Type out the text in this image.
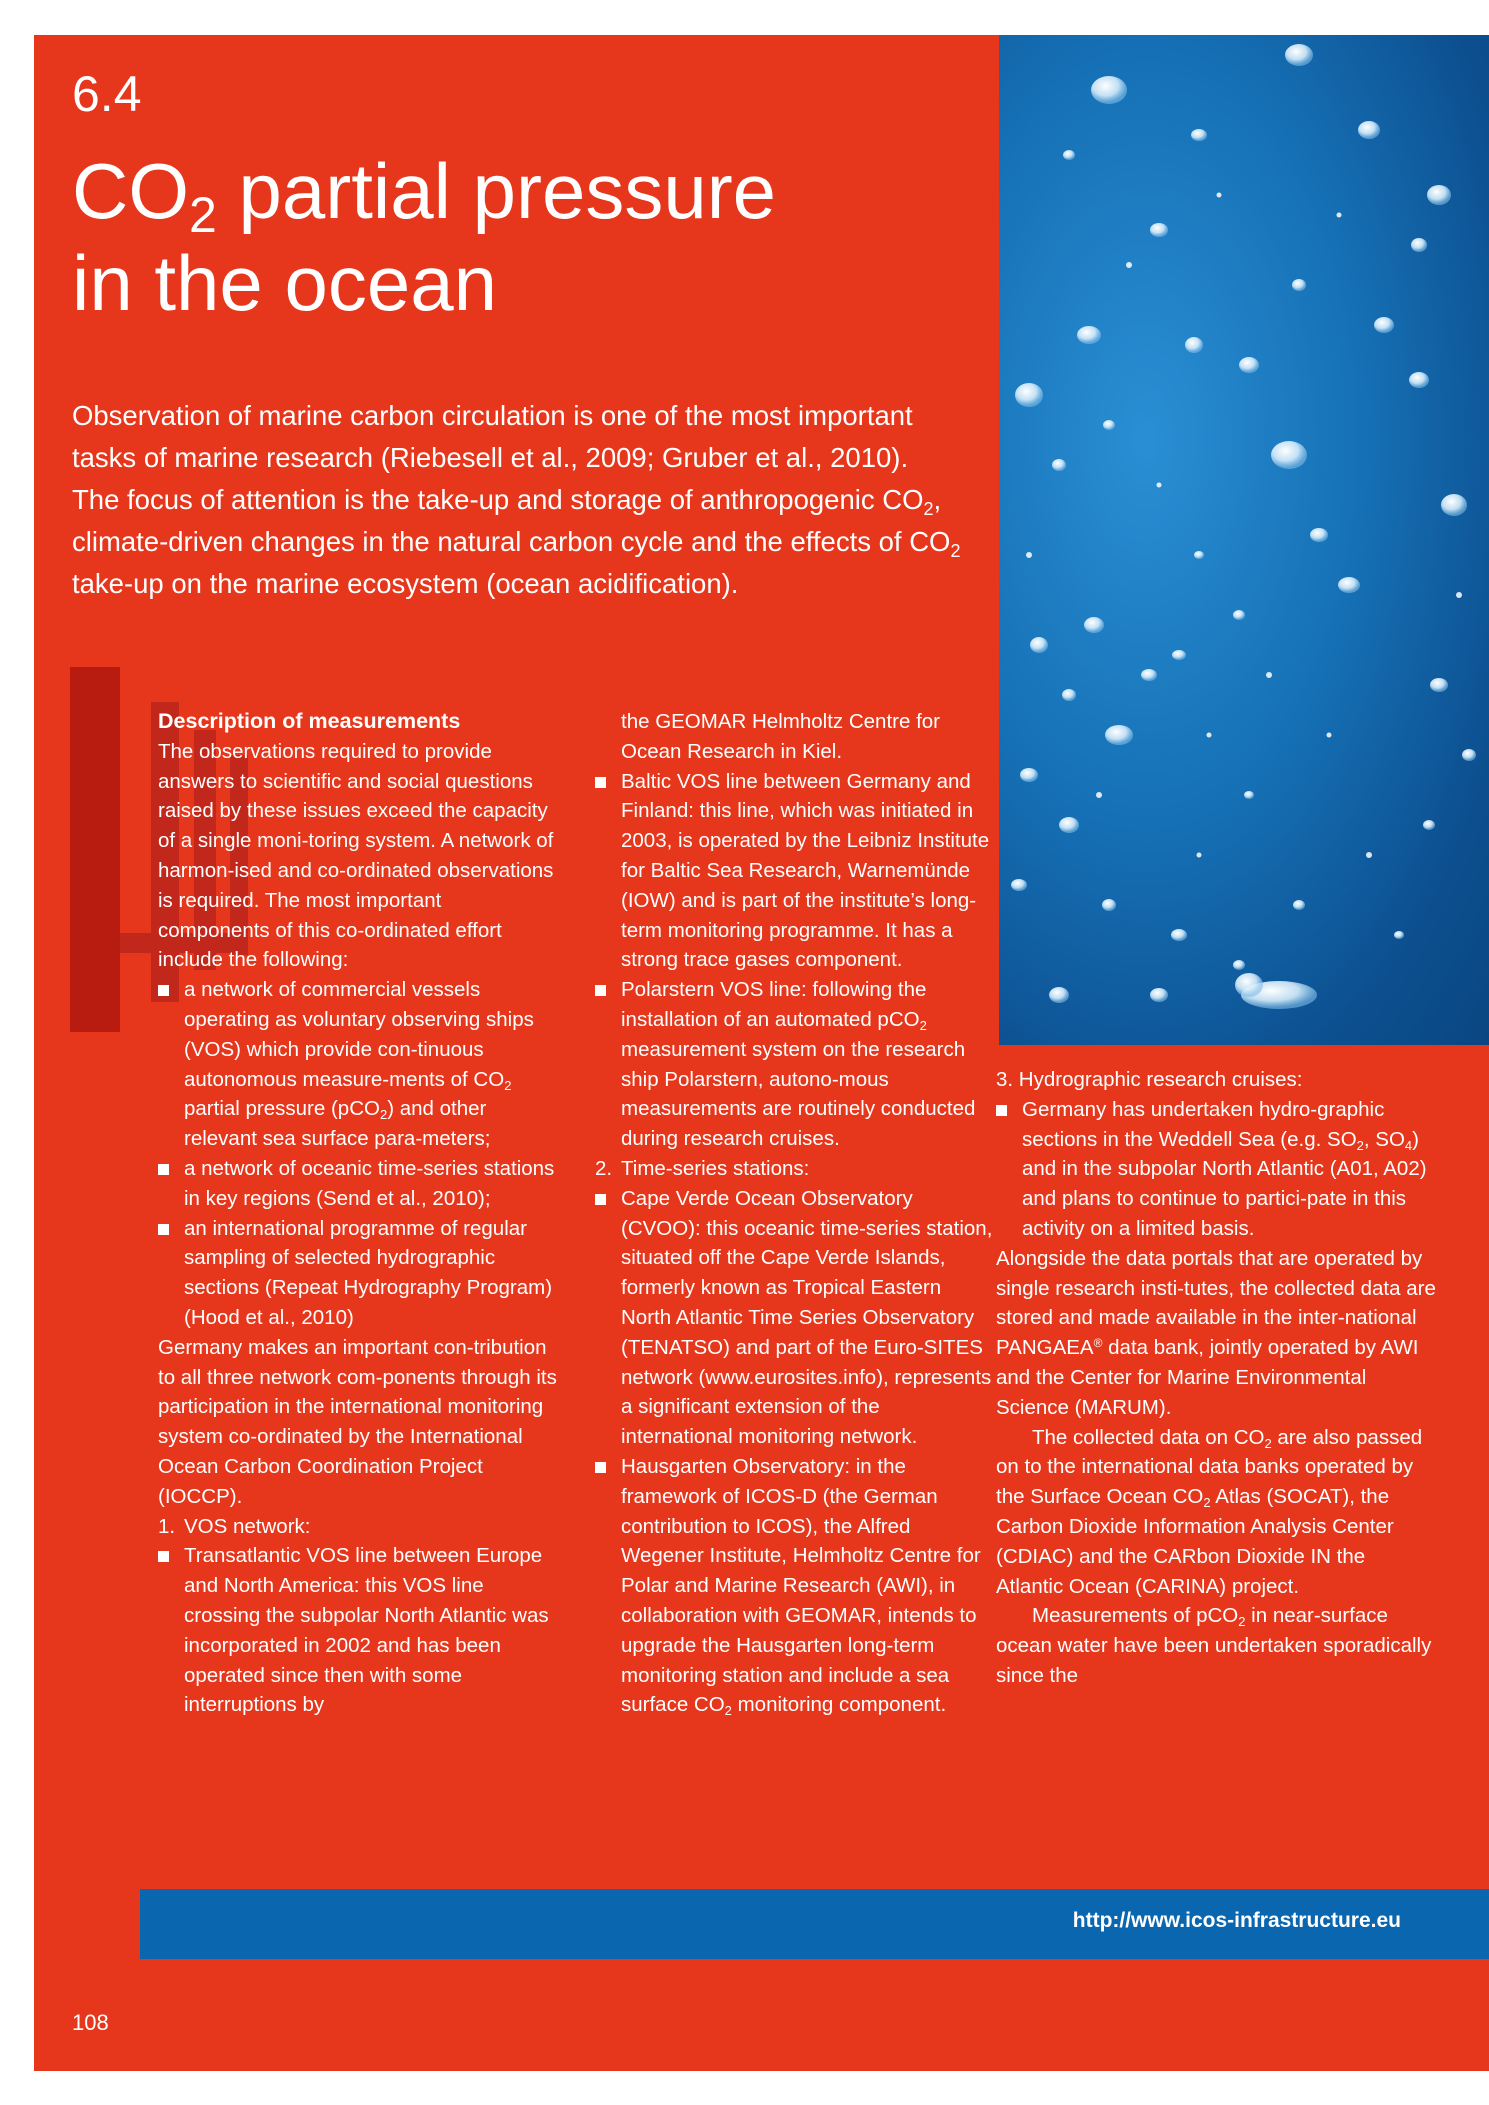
6.4
$CO_2$ partial pressure
in the ocean
Observation of marine carbon circulation is one of the most important tasks of marine research (Riebesell et al., 2009; Gruber et al., 2010). The focus of attention is the take-up and storage of anthropogenic $CO_2$, climate-driven changes in the natural carbon cycle and the effects of $CO_2$ take-up on the marine ecosystem (ocean acidification).

Description of measurements

The observations required to provide answers to scientific and social questions raised by these issues exceed the capacity of a single moni-toring system. A network of harmon-ised and co-ordinated observations is required. The most important components of this co-ordinated effort include the following:

a network of commercial vessels operating as voluntary observing ships (VOS) which provide con-tinuous autonomous measure-ments of $CO_2$ partial pressure (pCO$_2$) and other relevant sea surface para-meters;

a network of oceanic time-series stations in key regions (Send et al., 2010);

an international programme of regular sampling of selected hydrographic sections (Repeat Hydrography Program) (Hood et al., 2010)

Germany makes an important con-tribution to all three network com-ponents through its participation in the international monitoring system co-ordinated by the International Ocean Carbon Coordination Project (IOCCP).

1. VOS network:

Transatlantic VOS line between Europe and North America: this VOS line crossing the subpolar North Atlantic was incorporated in 2002 and has been operated since then with some interruptions by

the GEOMAR Helmholtz Centre for Ocean Research in Kiel.

Baltic VOS line between Germany and Finland: this line, which was initiated in 2003, is operated by the Leibniz Institute for Baltic Sea Research, Warnemünde (IOW) and is part of the institute’s long-term monitoring programme. It has a strong trace gases component.

Polarstern VOS line: following the installation of an automated pCO$_2$ measurement system on the research ship Polarstern, autono-mous measurements are routinely conducted during research cruises.

2. Time-series stations:

Cape Verde Ocean Observatory (CVOO): this oceanic time-series station, situated off the Cape Verde Islands, formerly known as Tropical Eastern North Atlantic Time Series Observatory (TENATSO) and part of the Euro-SITES network (www.eurosites.info), represents a significant extension of the international monitoring network.

Hausgarten Observatory: in the framework of ICOS-D (the German contribution to ICOS), the Alfred Wegener Institute, Helmholtz Centre for Polar and Marine Research (AWI), in collaboration with GEOMAR, intends to upgrade the Hausgarten long-term monitoring station and include a sea surface $CO_2$ monitoring component.

3. Hydrographic research cruises:

Germany has undertaken hydro-graphic sections in the Weddell Sea (e.g. $SO_2$, $SO_4$) and in the subpolar North Atlantic (A01, A02) and plans to continue to partici-pate in this activity on a limited basis.

Alongside the data portals that are operated by single research insti-tutes, the collected data are stored and made available in the inter-national PANGAEA® data bank, jointly operated by AWI and the Center for Marine Environmental Science (MARUM).

The collected data on $CO_2$ are also passed on to the international data banks operated by the Surface Ocean $CO_2$ Atlas (SOCAT), the Carbon Dioxide Information Analysis Center (CDIAC) and the CARbon Dioxide IN the Atlantic Ocean (CARINA) project.

Measurements of pCO$_2$ in near-surface ocean water have been undertaken sporadically since the

http://www.icos-infrastructure.eu
108
